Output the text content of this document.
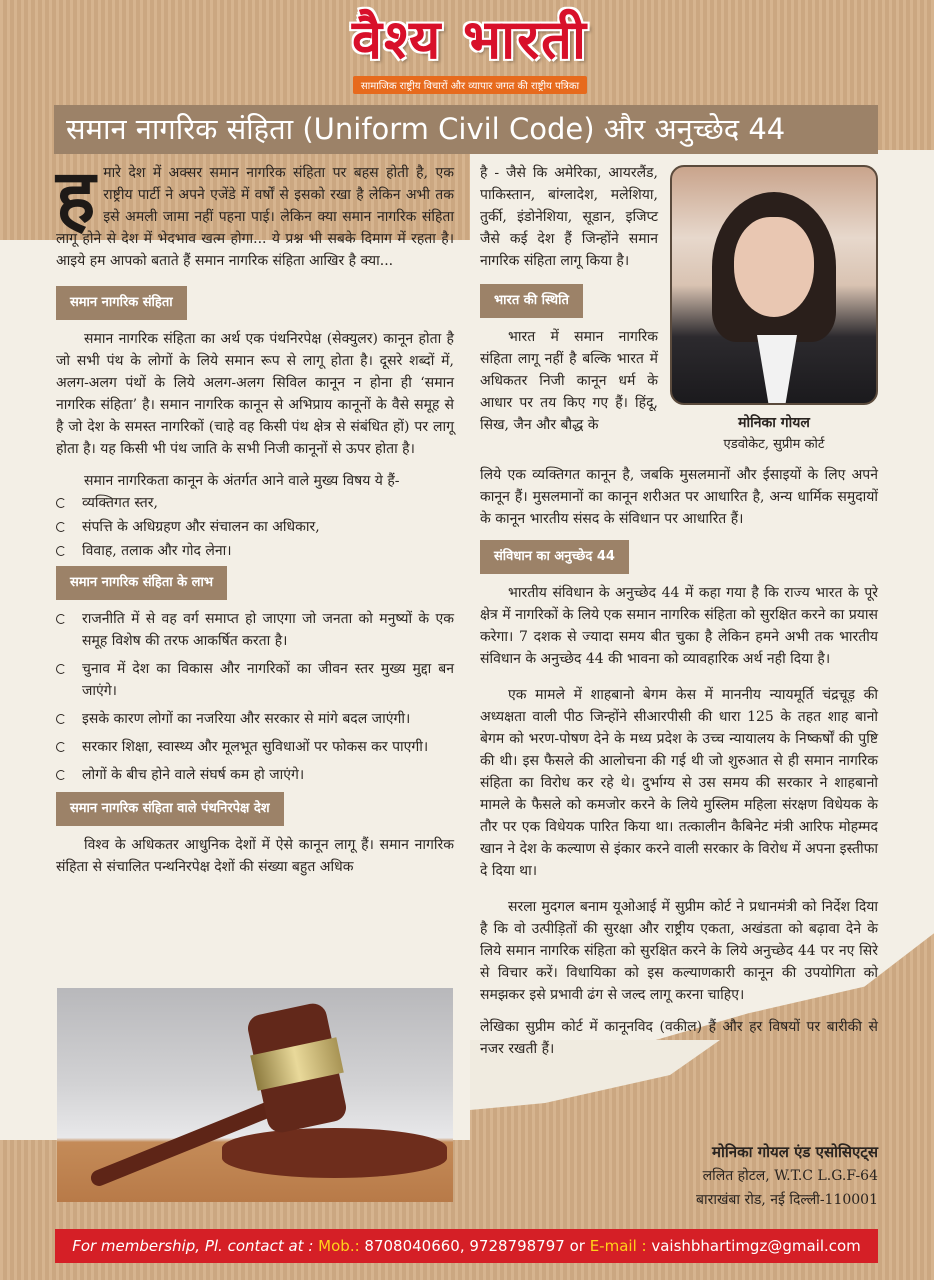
वैश्य भारती
सामाजिक राष्ट्रीय विचारों और व्यापार जगत की राष्ट्रीय पत्रिका
समान नागरिक संहिता (Uniform Civil Code) और अनुच्छेद 44
ह मारे देश में अक्सर समान नागरिक संहिता पर बहस होती है, एक राष्ट्रीय पार्टी ने अपने एजेंडे में वर्षों से इसको रखा है लेकिन अभी तक इसे अमली जामा नहीं पहना पाई। लेकिन क्या समान नागरिक संहिता लागू होने से देश में भेदभाव खत्म होगा... ये प्रश्न भी सबके दिमाग में रहता है। आइये हम आपको बताते हैं समान नागरिक संहिता आखिर है क्या...

समान नागरिक संहिता

समान नागरिक संहिता का अर्थ एक पंथनिरपेक्ष (सेक्युलर) कानून होता है जो सभी पंथ के लोगों के लिये समान रूप से लागू होता है। दूसरे शब्दों में, अलग-अलग पंथों के लिये अलग-अलग सिविल कानून न होना ही ‘समान नागरिक संहिता’ है। समान नागरिक कानून से अभिप्राय कानूनों के वैसे समूह से है जो देश के समस्त नागरिकों (चाहे वह किसी पंथ क्षेत्र से संबंधित हों) पर लागू होता है। यह किसी भी पंथ जाति के सभी निजी कानूनों से ऊपर होता है।

समान नागरिकता कानून के अंतर्गत आने वाले मुख्य विषय ये हैं-

व्यक्तिगत स्तर,
संपत्ति के अधिग्रहण और संचालन का अधिकार,
विवाह, तलाक और गोद लेना।
समान नागरिक संहिता के लाभ
राजनीति में से वह वर्ग समाप्त हो जाएगा जो जनता को मनुष्यों के एक समूह विशेष की तरफ आकर्षित करता है।
चुनाव में देश का विकास और नागरिकों का जीवन स्तर मुख्य मुद्दा बन जाएंगे।
इसके कारण लोगों का नजरिया और सरकार से मांगे बदल जाएंगी।
सरकार शिक्षा, स्वास्थ्य और मूलभूत सुविधाओं पर फोकस कर पाएगी।
लोगों के बीच होने वाले संघर्ष कम हो जाएंगे।
समान नागरिक संहिता वाले पंथनिरपेक्ष देश

विश्व के अधिकतर आधुनिक देशों में ऐसे कानून लागू हैं। समान नागरिक संहिता से संचालित पन्थनिरपेक्ष देशों की संख्या बहुत अधिक

है - जैसे कि अमेरिका, आयरलैंड, पाकिस्तान, बांग्लादेश, मलेशिया, तुर्की, इंडोनेशिया, सूडान, इजिप्ट जैसे कई देश हैं जिन्होंने समान नागरिक संहिता लागू किया है।

भारत की स्थिति

भारत में समान नागरिक संहिता लागू नहीं है बल्कि भारत में अधिकतर निजी कानून धर्म के आधार पर तय किए गए हैं। हिंदू, सिख, जैन और बौद्ध के	मोनिका गोयल
एडवोकेट, सुप्रीम कोर्ट

लिये एक व्यक्तिगत कानून है, जबकि मुसलमानों और ईसाइयों के लिए अपने कानून हैं। मुसलमानों का कानून शरीअत पर आधारित है, अन्य धार्मिक समुदायों के कानून भारतीय संसद के संविधान पर आधारित हैं।

संविधान का अनुच्छेद 44

भारतीय संविधान के अनुच्छेद 44 में कहा गया है कि राज्य भारत के पूरे क्षेत्र में नागरिकों के लिये एक समान नागरिक संहिता को सुरक्षित करने का प्रयास करेगा। 7 दशक से ज्यादा समय बीत चुका है लेकिन हमने अभी तक भारतीय संविधान के अनुच्छेद 44 की भावना को व्यावहारिक अर्थ नही दिया है।

एक मामले में शाहबानो बेगम केस में माननीय न्यायमूर्ति चंद्रचूड़ की अध्यक्षता वाली पीठ जिन्होंने सीआरपीसी की धारा 125 के तहत शाह बानो बेगम को भरण-पोषण देने के मध्य प्रदेश के उच्च न्यायालय के निष्कर्षों की पुष्टि की थी। इस फैसले की आलोचना की गई थी जो शुरुआत से ही समान नागरिक संहिता का विरोध कर रहे थे। दुर्भाग्य से उस समय की सरकार ने शाहबानो मामले के फैसले को कमजोर करने के लिये मुस्लिम महिला संरक्षण विधेयक के तौर पर एक विधेयक पारित किया था। तत्कालीन कैबिनेट मंत्री आरिफ मोहम्मद खान ने देश के कल्याण से इंकार करने वाली सरकार के विरोध में अपना इस्तीफा दे दिया था।

सरला मुदगल बनाम यूओआई में सुप्रीम कोर्ट ने प्रधानमंत्री को निर्देश दिया है कि वो उत्पीड़ितों की सुरक्षा और राष्ट्रीय एकता, अखंडता को बढ़ावा देने के लिये समान नागरिक संहिता को सुरक्षित करने के लिये अनुच्छेद 44 पर नए सिरे से विचार करें। विधायिका को इस कल्याणकारी कानून की उपयोगिता को समझकर इसे प्रभावी ढंग से जल्द लागू करना चाहिए।

लेखिका सुप्रीम कोर्ट में कानूनविद (वकील) हैं और हर विषयों पर बारीकी से नजर रखती हैं।

मोनिका गोयल एंड एसोसिएट्स
ललित होटल, W.T.C L.G.F-64
बाराखंबा रोड, नई दिल्ली-110001
For membership, Pl. contact at : Mob.: 8708040660, 9728798797 or E-mail : vaishbhartimgz@gmail.com
